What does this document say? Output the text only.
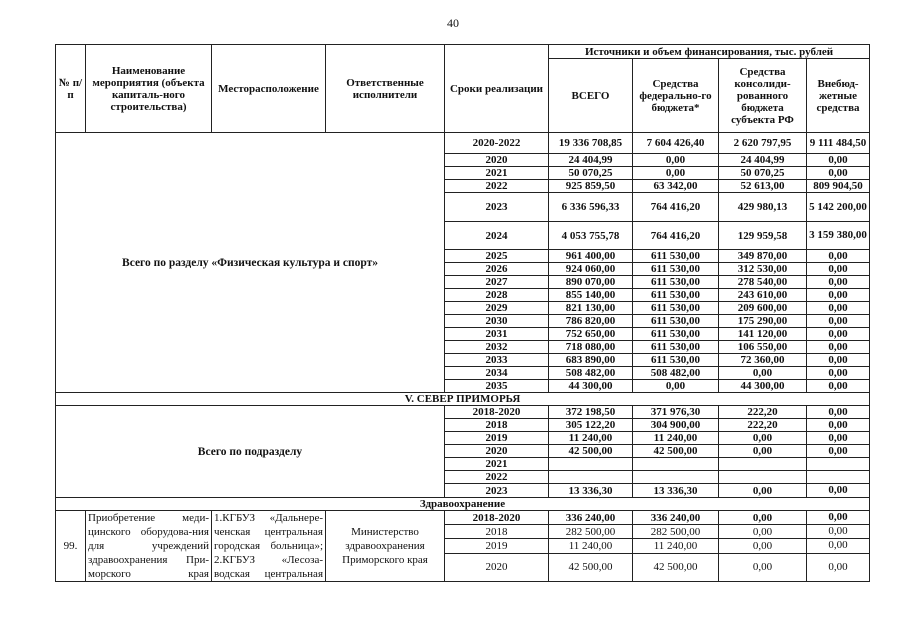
40
№ п/п	Наименование мероприятия (объекта капиталь-ного строительства)	Месторасположение	Ответственные исполнители	Сроки реализации	Источники и объем финансирования, тыс. рублей			
					ВСЕГО	Средства федерально-го бюджета*	Средства консолиди-рованного бюджета субъекта РФ	Внебюд-жетные средства
Всего по разделу «Физическая культура и спорт»				2020-2022	19 336 708,85	7 604 426,40	2 620 797,95	9 111 484,50
				2020	24 404,99	0,00	24 404,99	0,00
				2021	50 070,25	0,00	50 070,25	0,00
				2022	925 859,50	63 342,00	52 613,00	809 904,50
				2023	6 336 596,33	764 416,20	429 980,13	5 142 200,00
				2024	4 053 755,78	764 416,20	129 959,58	3 159 380,00
				2025	961 400,00	611 530,00	349 870,00	0,00
				2026	924 060,00	611 530,00	312 530,00	0,00
				2027	890 070,00	611 530,00	278 540,00	0,00
				2028	855 140,00	611 530,00	243 610,00	0,00
				2029	821 130,00	611 530,00	209 600,00	0,00
				2030	786 820,00	611 530,00	175 290,00	0,00
				2031	752 650,00	611 530,00	141 120,00	0,00
				2032	718 080,00	611 530,00	106 550,00	0,00
				2033	683 890,00	611 530,00	72 360,00	0,00
				2034	508 482,00	508 482,00	0,00	0,00
				2035	44 300,00	0,00	44 300,00	0,00
V. СЕВЕР ПРИМОРЬЯ								
Всего по подразделу				2018-2020	372 198,50	371 976,30	222,20	0,00
				2018	305 122,20	304 900,00	222,20	0,00
				2019	11 240,00	11 240,00	0,00	0,00
				2020	42 500,00	42 500,00	0,00	0,00
				2021				
				2022				
				2023	13 336,30	13 336,30	0,00	0,00
Здравоохранение								
99.	Приобретение меди-цинского оборудова-ния для учреждений здравоохранения При-морского края	1.КГБУЗ «Дальнере-ченская центральная городская больница»; 2.КГБУЗ «Лесоза-водская центральная	Министерство здравоохранения Приморского края	2018-2020	336 240,00	336 240,00	0,00	0,00
				2018	282 500,00	282 500,00	0,00	0,00
				2019	11 240,00	11 240,00	0,00	0,00
				2020	42 500,00	42 500,00	0,00	0,00
